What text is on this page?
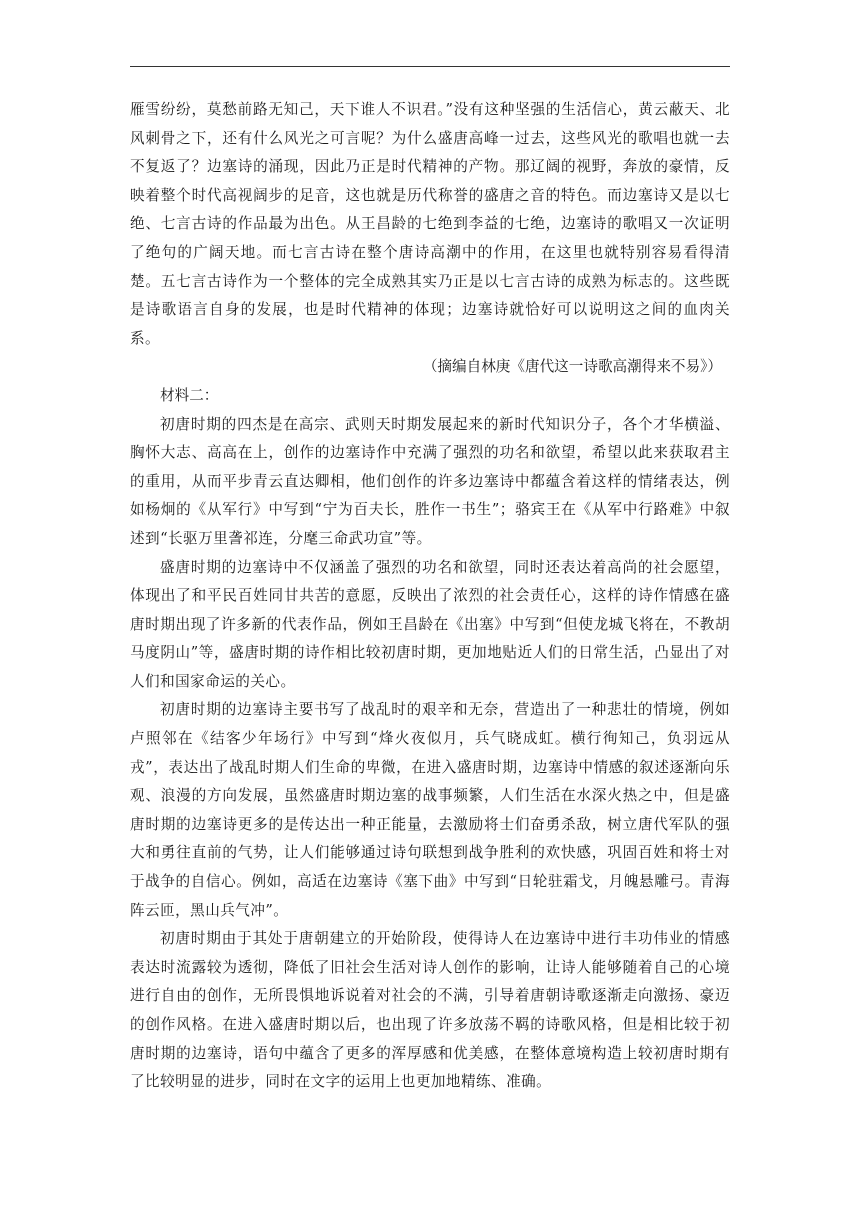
雁雪纷纷，莫愁前路无知己，天下谁人不识君。”没有这种坚强的生活信心，黄云蔽天、北风刺骨之下，还有什么风光之可言呢？为什么盛唐高峰一过去，这些风光的歌唱也就一去不复返了？边塞诗的涌现，因此乃正是时代精神的产物。那辽阔的视野，奔放的豪情，反映着整个时代高视阔步的足音，这也就是历代称誉的盛唐之音的特色。而边塞诗又是以七绝、七言古诗的作品最为出色。从王昌龄的七绝到李益的七绝，边塞诗的歌唱又一次证明了绝句的广阔天地。而七言古诗在整个唐诗高潮中的作用，在这里也就特别容易看得清楚。五七言古诗作为一个整体的完全成熟其实乃正是以七言古诗的成熟为标志的。这些既是诗歌语言自身的发展，也是时代精神的体现；边塞诗就恰好可以说明这之间的血肉关系。

（摘编自林庚《唐代这一诗歌高潮得来不易》）

材料二：

初唐时期的四杰是在高宗、武则天时期发展起来的新时代知识分子，各个才华横溢、胸怀大志、高高在上，创作的边塞诗作中充满了强烈的功名和欲望，希望以此来获取君主的重用，从而平步青云直达卿相，他们创作的许多边塞诗中都蕴含着这样的情绪表达，例如杨炯的《从军行》中写到“宁为百夫长，胜作一书生”；骆宾王在《从军中行路难》中叙述到“长驱万里詟祁连，分麾三命武功宣”等。

盛唐时期的边塞诗中不仅涵盖了强烈的功名和欲望，同时还表达着高尚的社会愿望，体现出了和平民百姓同甘共苦的意愿，反映出了浓烈的社会责任心，这样的诗作情感在盛唐时期出现了许多新的代表作品，例如王昌龄在《出塞》中写到“但使龙城飞将在，不教胡马度阴山”等，盛唐时期的诗作相比较初唐时期，更加地贴近人们的日常生活，凸显出了对人们和国家命运的关心。

初唐时期的边塞诗主要书写了战乱时的艰辛和无奈，营造出了一种悲壮的情境，例如卢照邻在《结客少年场行》中写到“烽火夜似月，兵气晓成虹。横行徇知己，负羽远从戎”，表达出了战乱时期人们生命的卑微，在进入盛唐时期，边塞诗中情感的叙述逐渐向乐观、浪漫的方向发展，虽然盛唐时期边塞的战事频繁，人们生活在水深火热之中，但是盛唐时期的边塞诗更多的是传达出一种正能量，去激励将士们奋勇杀敌，树立唐代军队的强大和勇往直前的气势，让人们能够通过诗句联想到战争胜利的欢快感，巩固百姓和将士对于战争的自信心。例如，高适在边塞诗《塞下曲》中写到“日轮驻霜戈，月魄悬雕弓。青海阵云匝，黑山兵气冲”。

初唐时期由于其处于唐朝建立的开始阶段，使得诗人在边塞诗中进行丰功伟业的情感表达时流露较为透彻，降低了旧社会生活对诗人创作的影响，让诗人能够随着自己的心境进行自由的创作，无所畏惧地诉说着对社会的不满，引导着唐朝诗歌逐渐走向激扬、豪迈的创作风格。在进入盛唐时期以后，也出现了许多放荡不羁的诗歌风格，但是相比较于初唐时期的边塞诗，语句中蕴含了更多的浑厚感和优美感，在整体意境构造上较初唐时期有了比较明显的进步，同时在文字的运用上也更加地精练、准确。
